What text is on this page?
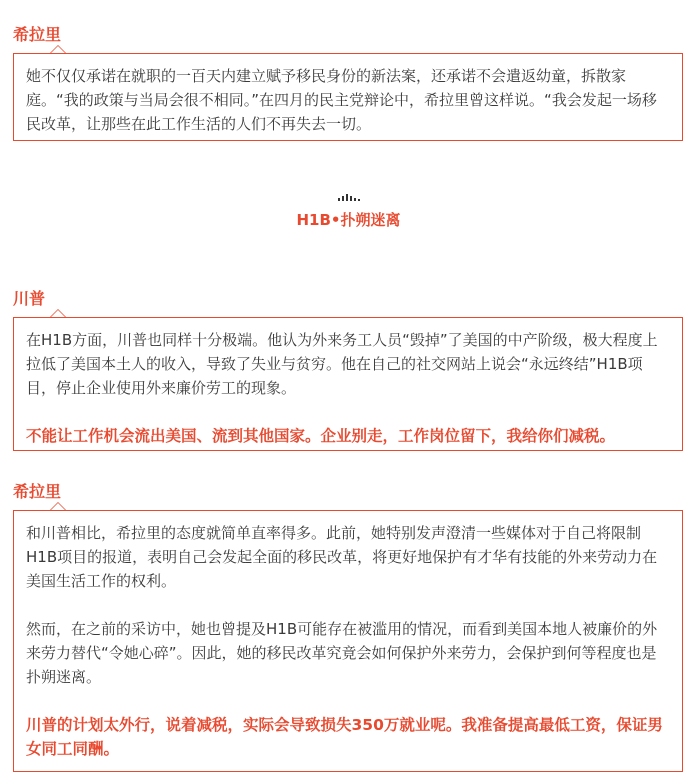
希拉里

她不仅仅承诺在就职的一百天内建立赋予移民身份的新法案，还承诺不会遣返幼童，拆散家庭。“我的政策与当局会很不相同。”在四月的民主党辩论中，希拉里曾这样说。“我会发起一场移民改革，让那些在此工作生活的人们不再失去一切。

H1B•扑朔迷离
川普

在H1B方面，川普也同样十分极端。他认为外来务工人员“毁掉”了美国的中产阶级，极大程度上拉低了美国本土人的收入，导致了失业与贫穷。他在自己的社交网站上说会“永远终结”H1B项目，停止企业使用外来廉价劳工的现象。

不能让工作机会流出美国、流到其他国家。企业别走，工作岗位留下，我给你们减税。

希拉里

和川普相比，希拉里的态度就简单直率得多。此前，她特别发声澄清一些媒体对于自己将限制H1B项目的报道，表明自己会发起全面的移民改革，将更好地保护有才华有技能的外来劳动力在美国生活工作的权利。

然而，在之前的采访中，她也曾提及H1B可能存在被滥用的情况，而看到美国本地人被廉价的外来劳力替代“令她心碎”。因此，她的移民改革究竟会如何保护外来劳力，会保护到何等程度也是扑朔迷离。

川普的计划太外行，说着减税，实际会导致损失350万就业呢。我准备提高最低工资，保证男女同工同酬。
